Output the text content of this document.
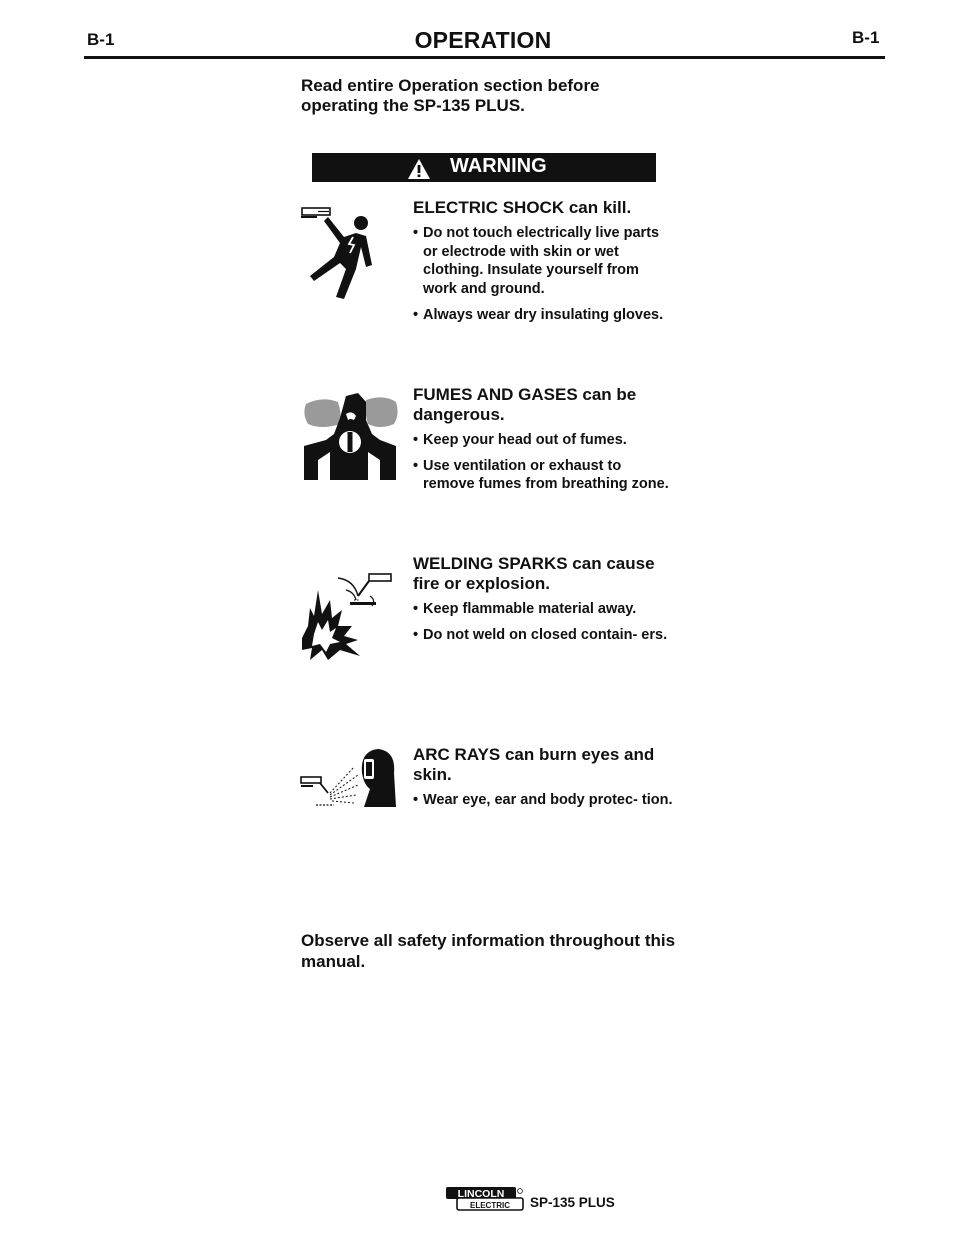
B-1	OPERATION	B-1
Read entire Operation section before operating the SP-135 PLUS.
WARNING
ELECTRIC SHOCK can kill.
• Do not touch electrically live parts or electrode with skin or wet clothing. Insulate yourself from work and ground.
• Always wear dry insulating gloves.
FUMES AND GASES can be dangerous.
• Keep your head out of fumes.
• Use ventilation or exhaust to remove fumes from breathing zone.
WELDING SPARKS can cause fire or explosion.
• Keep flammable material away.
• Do not weld on closed contain- ers.
ARC RAYS can burn eyes and skin.
• Wear eye, ear and body protec- tion.
Observe all safety information throughout this manual.
LINCOLN
ELECTRIC SP-135 PLUS
